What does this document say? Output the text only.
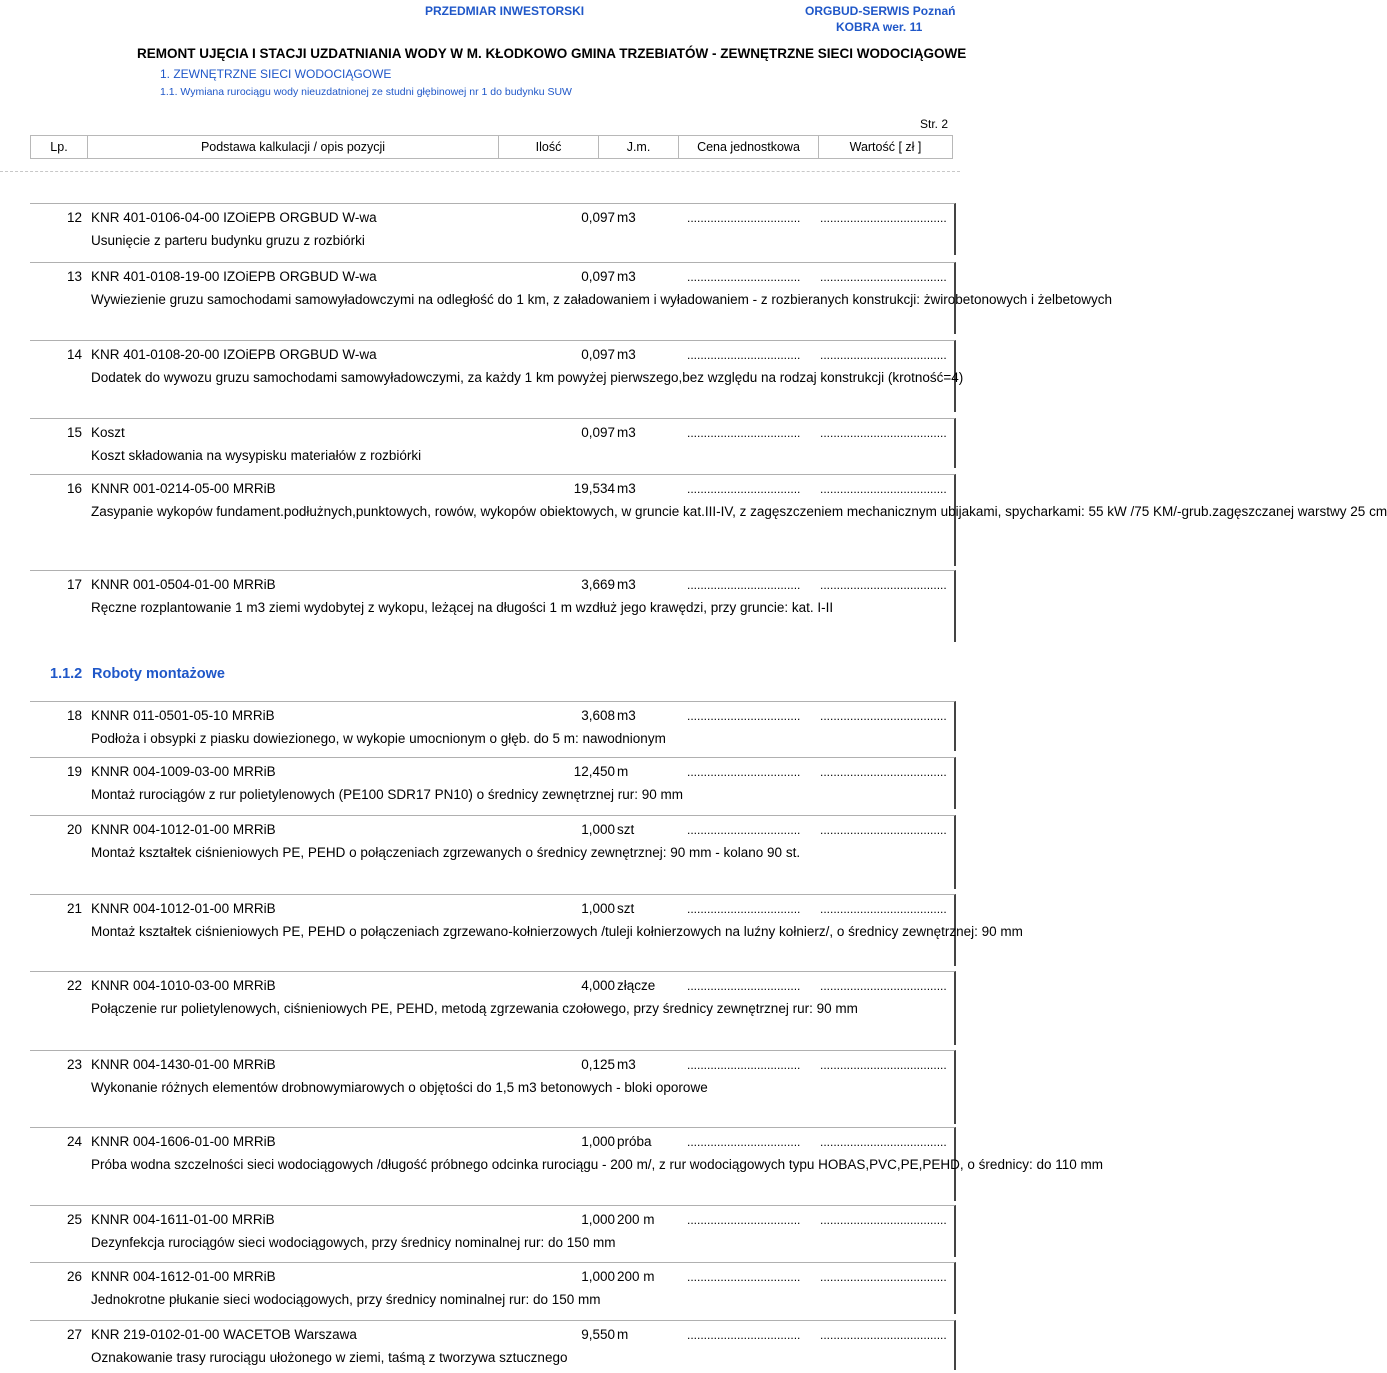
PRZEDMIAR INWESTORSKI	ORGBUD-SERWIS Poznań
KOBRA wer. 11
REMONT UJĘCIA I STACJI UZDATNIANIA WODY W M. KŁODKOWO GMINA TRZEBIATÓW - ZEWNĘTRZNE SIECI WODOCIĄGOWE
1. ZEWNĘTRZNE SIECI WODOCIĄGOWE
1.1. Wymiana rurociągu wody nieuzdatnionej ze studni głębinowej nr 1 do budynku SUW
Str. 2
Lp.	Podstawa kalkulacji / opis pozycji	Ilość	J.m.	Cena jednostkowa	Wartość [ zł ]
12 KNR 401-0106-04-00 IZOiEPB ORGBUD W-wa	0,097 m3	.................................. ......................................
Usunięcie z parteru budynku gruzu z rozbiórki
13 KNR 401-0108-19-00 IZOiEPB ORGBUD W-wa	0,097 m3	.................................. ......................................
Wywiezienie gruzu samochodami samowyładowczymi na odległość do 1 km, z załadowaniem i wyładowaniem - z rozbieranych konstrukcji: żwirobetonowych i żelbetowych
14 KNR 401-0108-20-00 IZOiEPB ORGBUD W-wa	0,097 m3	.................................. ......................................
Dodatek do wywozu gruzu samochodami samowyładowczymi, za każdy 1 km powyżej pierwszego,bez względu na rodzaj konstrukcji (krotność=4)
15 Koszt	0,097 m3	.................................. ......................................
Koszt składowania na wysypisku materiałów z rozbiórki
16 KNNR 001-0214-05-00 MRRiB	19,534 m3	.................................. ......................................
Zasypanie wykopów fundament.podłużnych,punktowych, rowów, wykopów obiektowych, w gruncie kat.III-IV, z zagęszczeniem mechanicznym ubijakami, spycharkami: 55 kW /75 KM/-grub.zagęszczanej warstwy 25 cm
17 KNNR 001-0504-01-00 MRRiB	3,669 m3	.................................. ......................................
Ręczne rozplantowanie 1 m3 ziemi wydobytej z wykopu, leżącej na długości 1 m wzdłuż jego krawędzi, przy gruncie: kat. I-II
18 KNNR 011-0501-05-10 MRRiB	3,608 m3	.................................. ......................................
Podłoża i obsypki z piasku dowiezionego, w wykopie umocnionym o głęb. do 5 m: nawodnionym
19 KNNR 004-1009-03-00 MRRiB	12,450 m	.................................. ......................................
Montaż rurociągów z rur polietylenowych (PE100 SDR17 PN10) o średnicy zewnętrznej rur: 90 mm
20 KNNR 004-1012-01-00 MRRiB	1,000 szt	.................................. ......................................
Montaż kształtek ciśnieniowych PE, PEHD o połączeniach zgrzewanych o średnicy zewnętrznej: 90 mm - kolano 90 st.
21 KNNR 004-1012-01-00 MRRiB	1,000 szt	.................................. ......................................
Montaż kształtek ciśnieniowych PE, PEHD o połączeniach zgrzewano-kołnierzowych /tuleji kołnierzowych na luźny kołnierz/, o średnicy zewnętrznej: 90 mm
22 KNNR 004-1010-03-00 MRRiB	4,000 złącze	.................................. ......................................
Połączenie rur polietylenowych, ciśnieniowych PE, PEHD, metodą zgrzewania czołowego, przy średnicy zewnętrznej rur: 90 mm
23 KNNR 004-1430-01-00 MRRiB	0,125 m3	.................................. ......................................
Wykonanie różnych elementów drobnowymiarowych o objętości do 1,5 m3 betonowych - bloki oporowe
24 KNNR 004-1606-01-00 MRRiB	1,000 próba	.................................. ......................................
Próba wodna szczelności sieci wodociągowych /długość próbnego odcinka rurociągu - 200 m/, z rur wodociągowych typu HOBAS,PVC,PE,PEHD, o średnicy: do 110 mm
25 KNNR 004-1611-01-00 MRRiB	1,000 200 m	.................................. ......................................
Dezynfekcja rurociągów sieci wodociągowych, przy średnicy nominalnej rur: do 150 mm
26 KNNR 004-1612-01-00 MRRiB	1,000 200 m	.................................. ......................................
Jednokrotne płukanie sieci wodociągowych, przy średnicy nominalnej rur: do 150 mm
27 KNR 219-0102-01-00 WACETOB Warszawa	9,550 m	.................................. ......................................
Oznakowanie trasy rurociągu ułożonego w ziemi, taśmą z tworzywa sztucznego
1.1.2 Roboty montażowe
